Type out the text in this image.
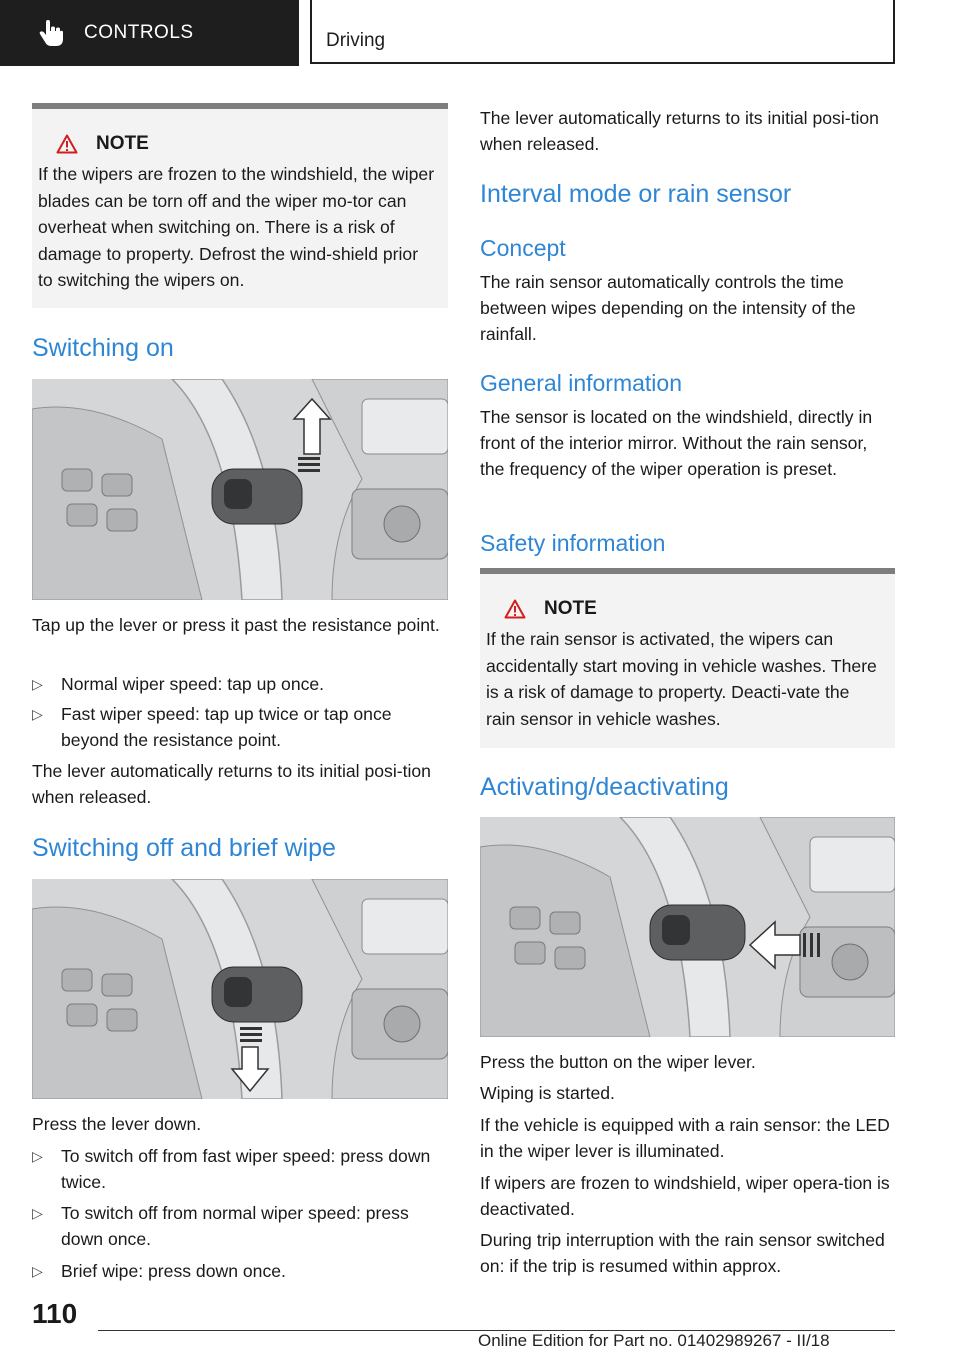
CONTROLS	Driving
NOTE

If the wipers are frozen to the windshield, the wiper blades can be torn off and the wiper mo-tor can overheat when switching on. There is a risk of damage to property. Defrost the wind-shield prior to switching the wipers on.

Switching on

Tap up the lever or press it past the resistance point.

▷ Normal wiper speed: tap up once.
▷ Fast wiper speed: tap up twice or tap once beyond the resistance point.

The lever automatically returns to its initial posi-tion when released.

Switching off and brief wipe

Press the lever down.

▷ To switch off from fast wiper speed: press down twice.
▷ To switch off from normal wiper speed: press down once.
▷ Brief wipe: press down once.

The lever automatically returns to its initial posi-tion when released.

Interval mode or rain sensor
Concept

The rain sensor automatically controls the time between wipes depending on the intensity of the rainfall.

General information

The sensor is located on the windshield, directly in front of the interior mirror. Without the rain sensor, the frequency of the wiper operation is preset.

Safety information
NOTE

If the rain sensor is activated, the wipers can accidentally start moving in vehicle washes. There is a risk of damage to property. Deacti-vate the rain sensor in vehicle washes.

Activating/deactivating

Press the button on the wiper lever.

Wiping is started.

If the vehicle is equipped with a rain sensor: the LED in the wiper lever is illuminated.

If wipers are frozen to windshield, wiper opera-tion is deactivated.

During trip interruption with the rain sensor switched on: if the trip is resumed within approx.

110
Online Edition for Part no. 01402989267 - II/18
